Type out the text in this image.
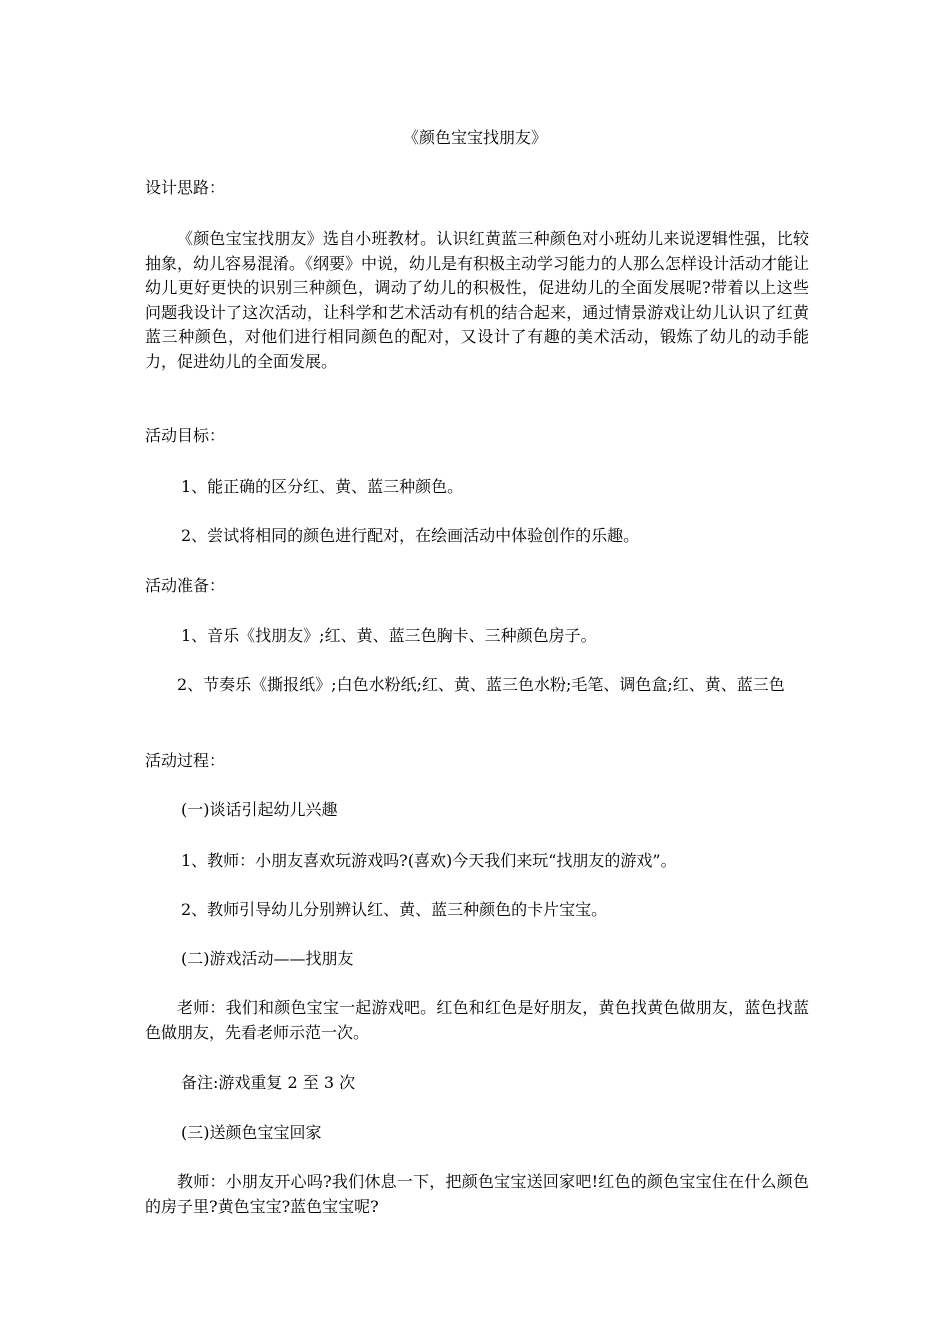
《颜色宝宝找朋友》
设计思路：

《颜色宝宝找朋友》选自小班教材。认识红黄蓝三种颜色对小班幼儿来说逻辑性强，比较抽象，幼儿容易混淆。《纲要》中说，幼儿是有积极主动学习能力的人那么怎样设计活动才能让幼儿更好更快的识别三种颜色，调动了幼儿的积极性，促进幼儿的全面发展呢?带着以上这些问题我设计了这次活动，让科学和艺术活动有机的结合起来，通过情景游戏让幼儿认识了红黄蓝三种颜色，对他们进行相同颜色的配对，又设计了有趣的美术活动，锻炼了幼儿的动手能力，促进幼儿的全面发展。

活动目标：

1、能正确的区分红、黄、蓝三种颜色。

2、尝试将相同的颜色进行配对，在绘画活动中体验创作的乐趣。

活动准备：

1、音乐《找朋友》;红、黄、蓝三色胸卡、三种颜色房子。

2、节奏乐《撕报纸》;白色水粉纸;红、黄、蓝三色水粉;毛笔、调色盒;红、黄、蓝三色

活动过程：

(一)谈话引起幼儿兴趣

1、教师：小朋友喜欢玩游戏吗?(喜欢)今天我们来玩“找朋友的游戏”。

2、教师引导幼儿分别辨认红、黄、蓝三种颜色的卡片宝宝。

(二)游戏活动——找朋友

老师：我们和颜色宝宝一起游戏吧。红色和红色是好朋友，黄色找黄色做朋友，蓝色找蓝色做朋友，先看老师示范一次。

备注:游戏重复 2 至 3 次

(三)送颜色宝宝回家

教师：小朋友开心吗?我们休息一下，把颜色宝宝送回家吧!红色的颜色宝宝住在什么颜色的房子里?黄色宝宝?蓝色宝宝呢?
